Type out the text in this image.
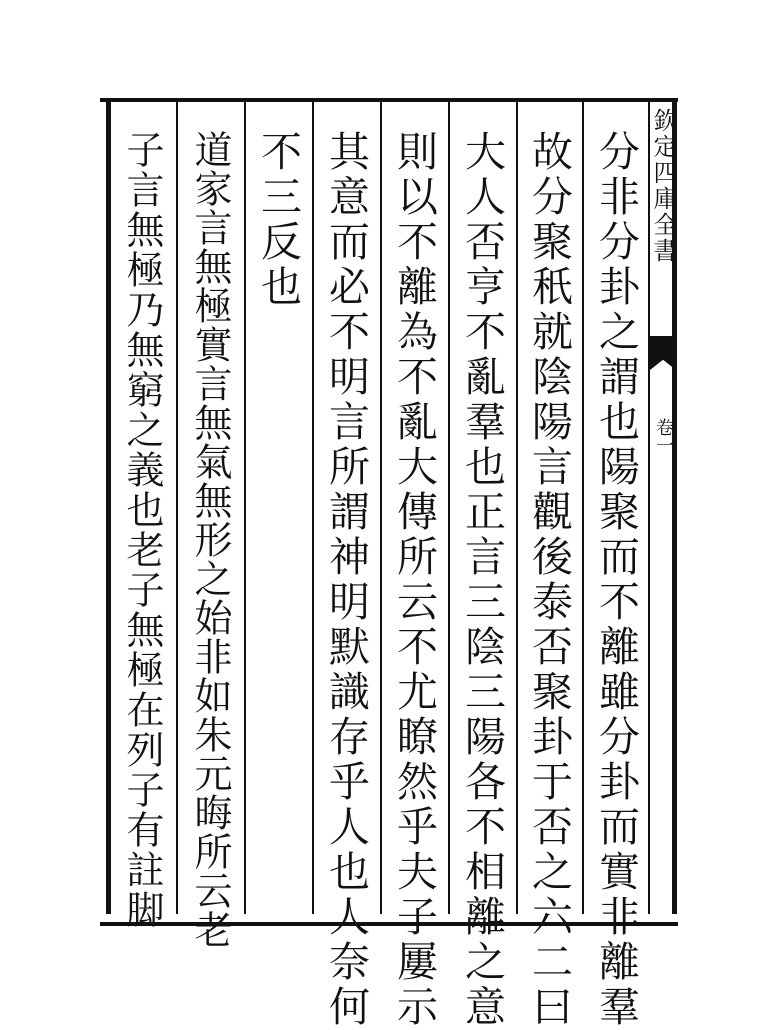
欽定四庫全書
卷一
分非分卦之謂也陽聚而不離雖分卦而實非離羣
故分聚秖就陰陽言觀後泰否聚卦于否之六二曰
大人否亨不亂羣也正言三陰三陽各不相離之意
則以不離為不亂大傳所云不尤瞭然乎夫子屢示
其意而必不明言所謂神明默識存乎人也人奈何
不三反也
道家言無極實言無氣無形之始非如朱元晦所云老
子言無極乃無窮之義也老子無極在列子有註脚
